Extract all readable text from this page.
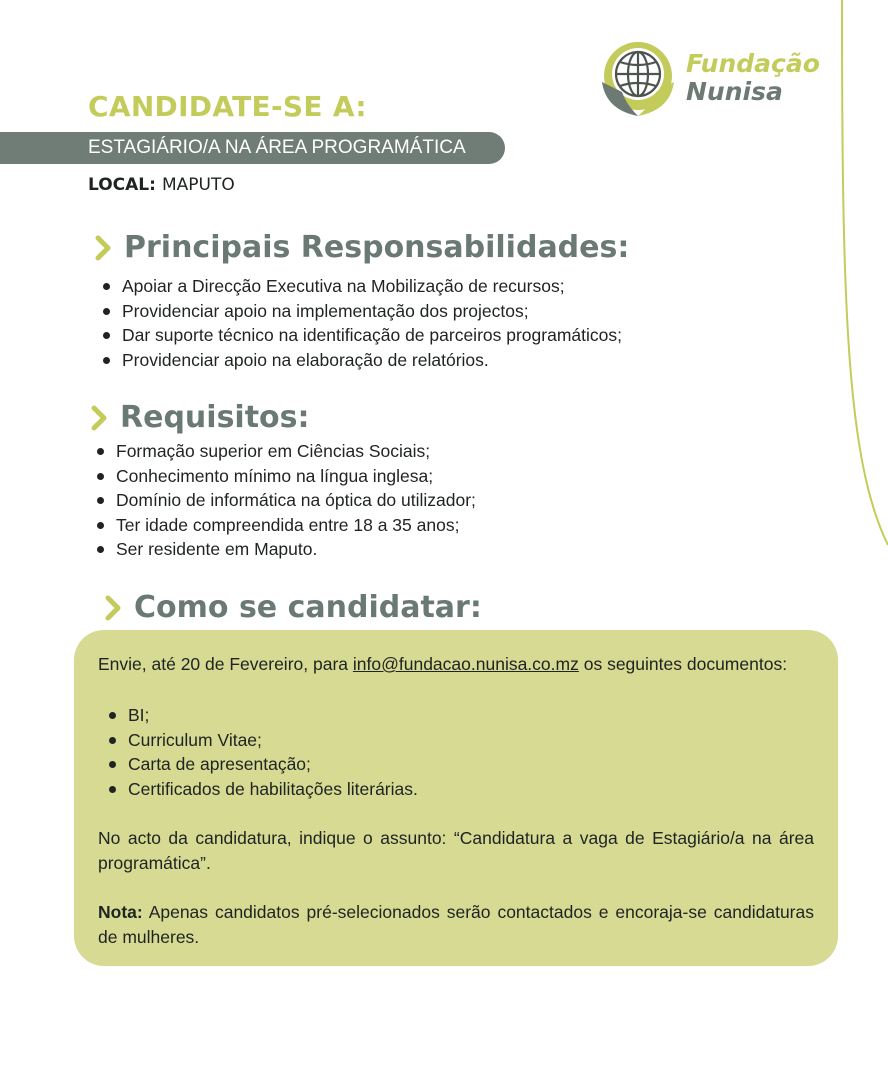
Fundação
Nunisa
CANDIDATE-SE A:
ESTAGIÁRIO/A NA ÁREA PROGRAMÁTICA
LOCAL: MAPUTO
Principais Responsabilidades:
Apoiar a Direcção Executiva na Mobilização de recursos;
Providenciar apoio na implementação dos projectos;
Dar suporte técnico na identificação de parceiros programáticos;
Providenciar apoio na elaboração de relatórios.
Requisitos:
Formação superior em Ciências Sociais;
Conhecimento mínimo na língua inglesa;
Domínio de informática na óptica do utilizador;
Ter idade compreendida entre 18 a 35 anos;
Ser residente em Maputo.
Como se candidatar:

Envie, até 20 de Fevereiro, para info@fundacao.nunisa.co.mz os seguintes documentos:

BI;
Curriculum Vitae;
Carta de apresentação;
Certificados de habilitações literárias.

No acto da candidatura, indique o assunto: “Candidatura a vaga de Estagiário/a na área programática”.

Nota: Apenas candidatos pré-selecionados serão contactados e encoraja-se candidaturas de mulheres.
